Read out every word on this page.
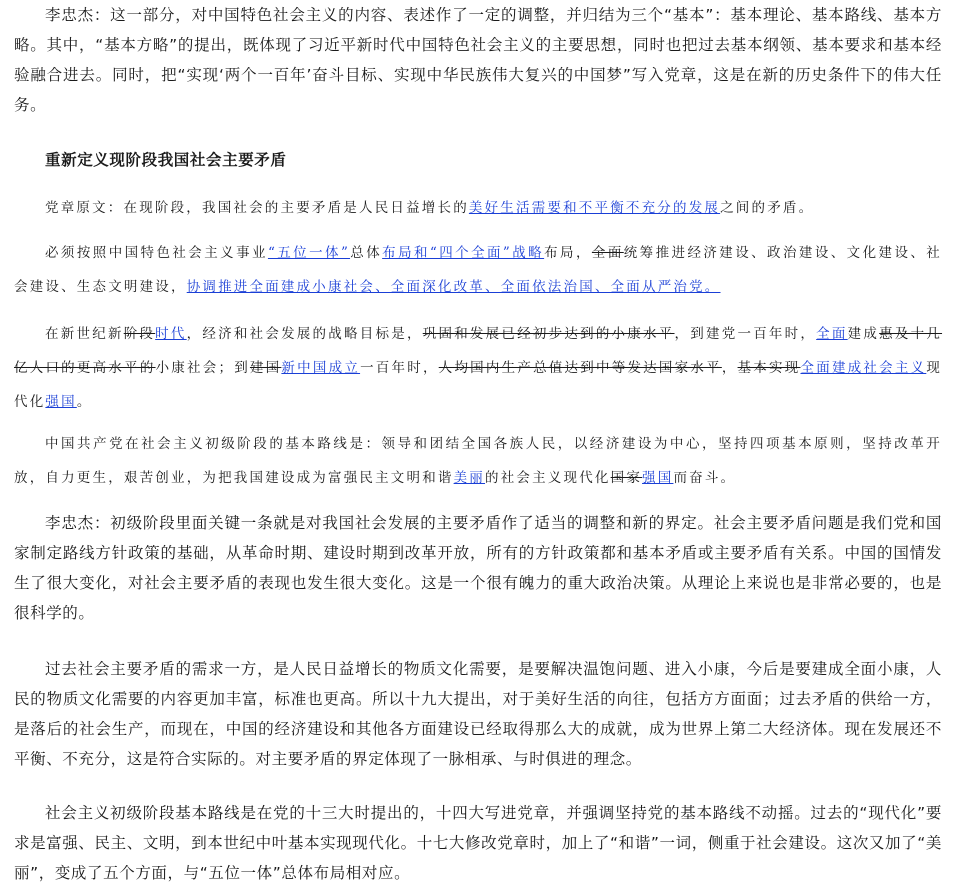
李忠杰：这一部分，对中国特色社会主义的内容、表述作了一定的调整，并归结为三个“基本”：基本理论、基本路线、基本方略。其中，“基本方略”的提出，既体现了习近平新时代中国特色社会主义的主要思想，同时也把过去基本纲领、基本要求和基本经验融合进去。同时，把“实现‘两个一百年’奋斗目标、实现中华民族伟大复兴的中国梦”写入党章，这是在新的历史条件下的伟大任务。

重新定义现阶段我国社会主要矛盾

党章原文：在现阶段，我国社会的主要矛盾是人民日益增长的美好生活需要和不平衡不充分的发展之间的矛盾。

必须按照中国特色社会主义事业“五位一体”总体布局和“四个全面”战略布局，全面统筹推进经济建设、政治建设、文化建设、社会建设、生态文明建设，协调推进全面建成小康社会、全面深化改革、全面依法治国、全面从严治党。

在新世纪新阶段时代，经济和社会发展的战略目标是，巩固和发展已经初步达到的小康水平，到建党一百年时，全面建成惠及十几亿人口的更高水平的小康社会；到建国新中国成立一百年时，人均国内生产总值达到中等发达国家水平，基本实现全面建成社会主义现代化强国。

中国共产党在社会主义初级阶段的基本路线是：领导和团结全国各族人民，以经济建设为中心，坚持四项基本原则，坚持改革开放，自力更生，艰苦创业，为把我国建设成为富强民主文明和谐美丽的社会主义现代化国家强国而奋斗。

李忠杰：初级阶段里面关键一条就是对我国社会发展的主要矛盾作了适当的调整和新的界定。社会主要矛盾问题是我们党和国家制定路线方针政策的基础，从革命时期、建设时期到改革开放，所有的方针政策都和基本矛盾或主要矛盾有关系。中国的国情发生了很大变化，对社会主要矛盾的表现也发生很大变化。这是一个很有魄力的重大政治决策。从理论上来说也是非常必要的，也是很科学的。

过去社会主要矛盾的需求一方，是人民日益增长的物质文化需要，是要解决温饱问题、进入小康，今后是要建成全面小康，人民的物质文化需要的内容更加丰富，标准也更高。所以十九大提出，对于美好生活的向往，包括方方面面；过去矛盾的供给一方，是落后的社会生产，而现在，中国的经济建设和其他各方面建设已经取得那么大的成就，成为世界上第二大经济体。现在发展还不平衡、不充分，这是符合实际的。对主要矛盾的界定体现了一脉相承、与时俱进的理念。

社会主义初级阶段基本路线是在党的十三大时提出的，十四大写进党章，并强调坚持党的基本路线不动摇。过去的“现代化”要求是富强、民主、文明，到本世纪中叶基本实现现代化。十七大修改党章时，加上了“和谐”一词，侧重于社会建设。这次又加了“美丽”，变成了五个方面，与“五位一体”总体布局相对应。
